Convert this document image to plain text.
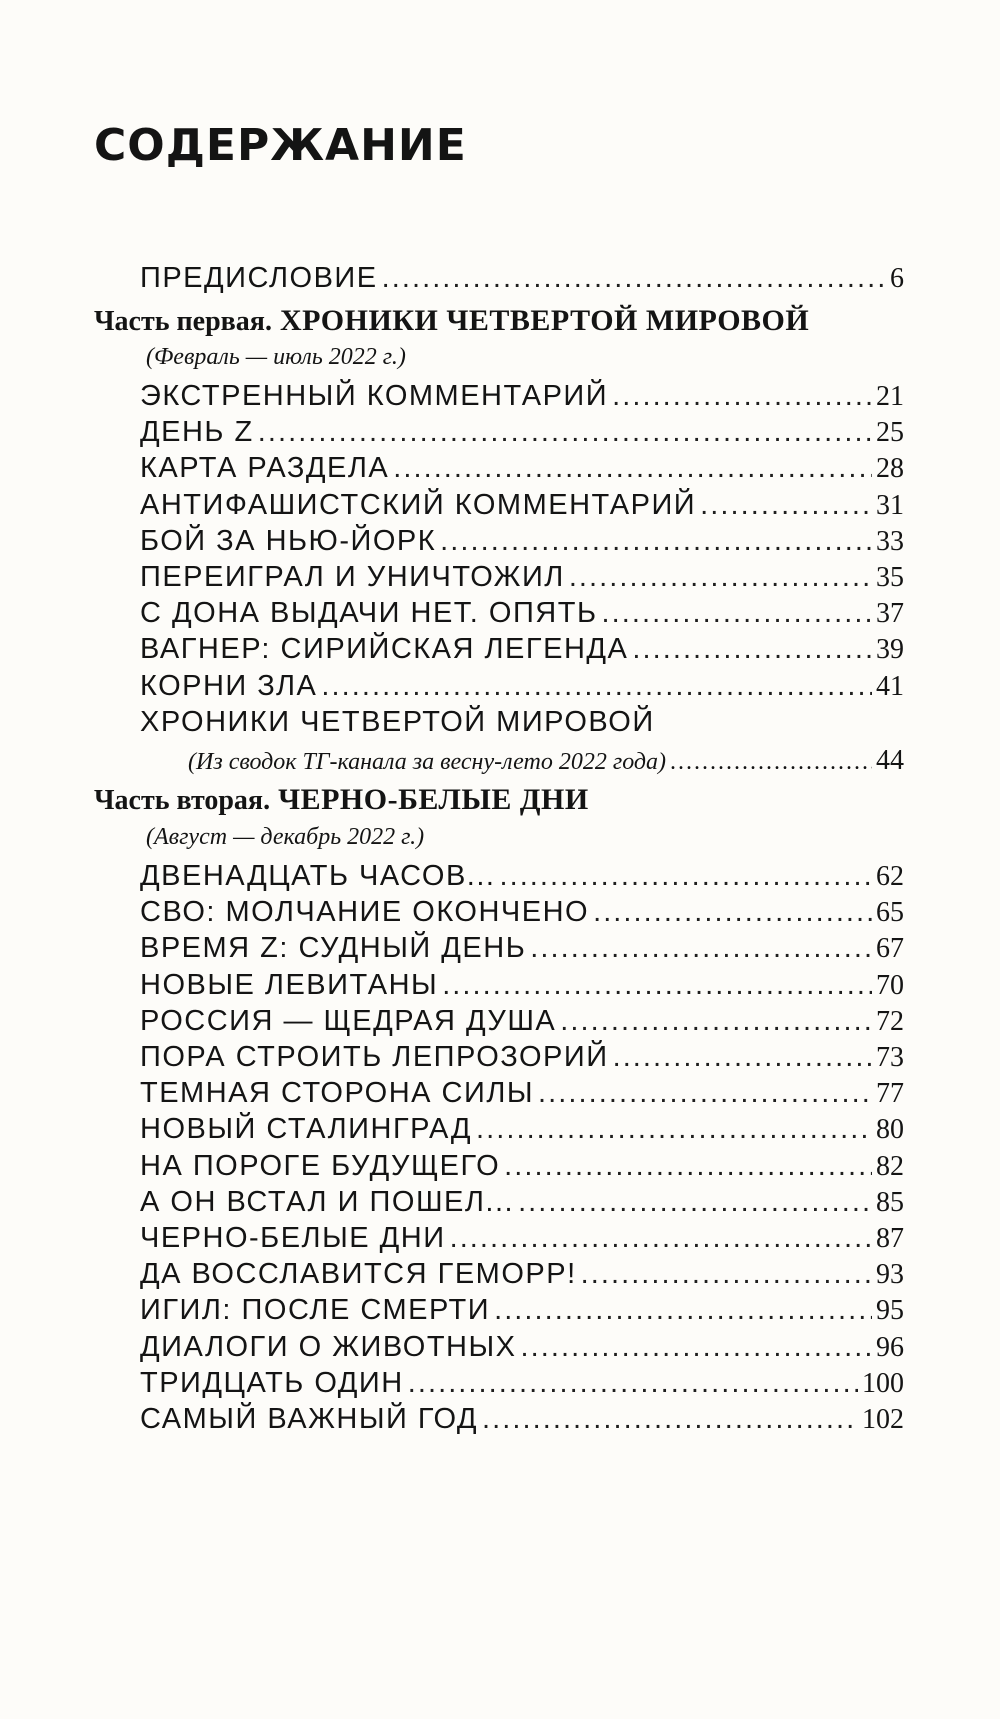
СОДЕРЖАНИЕ
ПРЕДИСЛОВИЕ . . .	6
Часть первая. ХРОНИКИ ЧЕТВЕРТОЙ МИРОВОЙ
(Февраль — июль 2022 г.)
ЭКСТРЕННЫЙ КОММЕНТАРИЙ . . .	21
ДЕНЬ Z . . .	25
КАРТА РАЗДЕЛА . . .	28
АНТИФАШИСТСКИЙ КОММЕНТАРИЙ . . .	31
БОЙ ЗА НЬЮ-ЙОРК . . .	33
ПЕРЕИГРАЛ И УНИЧТОЖИЛ . . .	35
С ДОНА ВЫДАЧИ НЕТ. ОПЯТЬ . . .	37
ВАГНЕР: СИРИЙСКАЯ ЛЕГЕНДА . . .	39
КОРНИ ЗЛА . . .	41
ХРОНИКИ ЧЕТВЕРТОЙ МИРОВОЙ
(Из сводок ТГ-канала за весну-лето 2022 года) . . .	44
Часть вторая. ЧЕРНО-БЕЛЫЕ ДНИ
(Август — декабрь 2022 г.)
ДВЕНАДЦАТЬ ЧАСОВ... . . .	62
СВО: МОЛЧАНИЕ ОКОНЧЕНО . . .	65
ВРЕМЯ Z: СУДНЫЙ ДЕНЬ . . .	67
НОВЫЕ ЛЕВИТАНЫ . . .	70
РОССИЯ — ЩЕДРАЯ ДУША . . .	72
ПОРА СТРОИТЬ ЛЕПРОЗОРИЙ . . .	73
ТЕМНАЯ СТОРОНА СИЛЫ . . .	77
НОВЫЙ СТАЛИНГРАД . . .	80
НА ПОРОГЕ БУДУЩЕГО . . .	82
А ОН ВСТАЛ И ПОШЕЛ... . . .	85
ЧЕРНО-БЕЛЫЕ ДНИ . . .	87
ДА ВОССЛАВИТСЯ ГЕМОРР! . . .	93
ИГИЛ: ПОСЛЕ СМЕРТИ . . .	95
ДИАЛОГИ О ЖИВОТНЫХ . . .	96
ТРИДЦАТЬ ОДИН . . .	100
САМЫЙ ВАЖНЫЙ ГОД . . .	102
